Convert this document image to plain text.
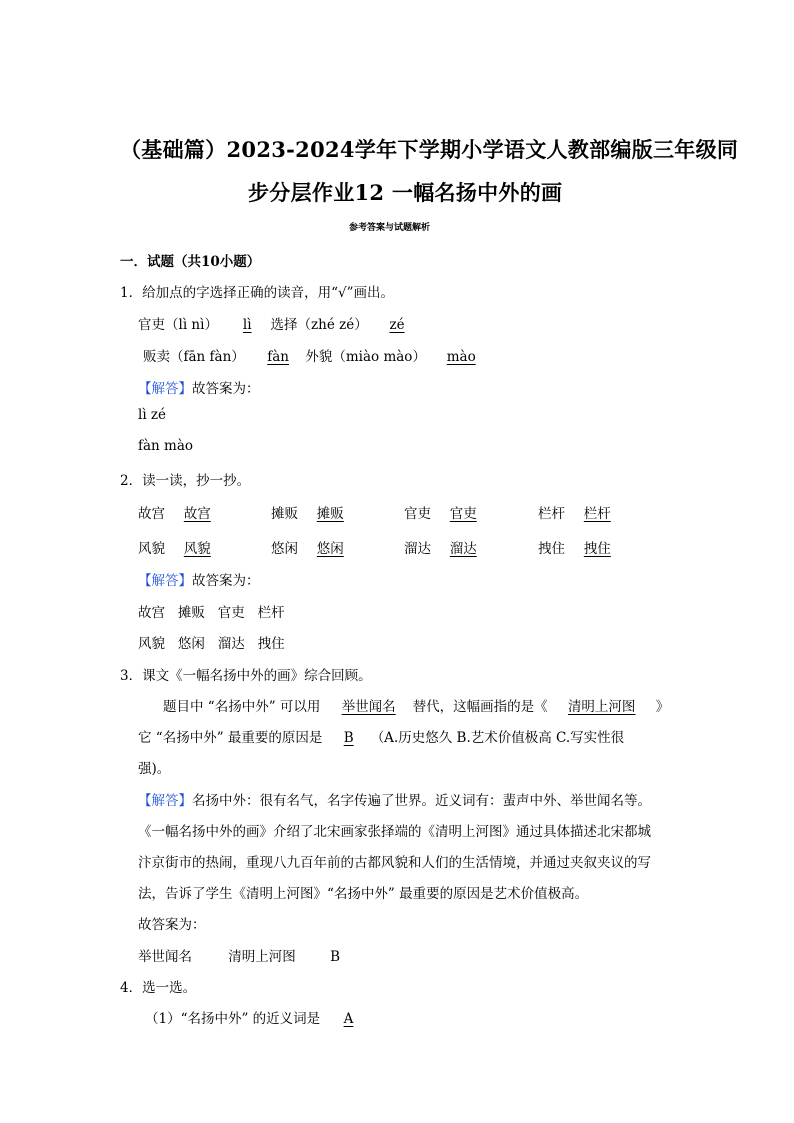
（基础篇）2023-2024学年下学期小学语文人教部编版三年级同
步分层作业12 一幅名扬中外的画
参考答案与试题解析
一．试题（共10小题）
1．给加点的字选择正确的读音，用“√”画出。
官吏（lì nì） lì 选择（zhé zé） zé
贩卖（fān fàn） fàn 外貌（miào mào） mào
【解答】故答案为：
lì zé
fàn mào
2．读一读，抄一抄。
故宫 故宫	摊贩 摊贩	官吏 官吏	栏杆 栏杆
风貌 风貌	悠闲 悠闲	溜达 溜达	拽住 拽住
【解答】故答案为：
故宫 摊贩 官吏 栏杆
风貌 悠闲 溜达 拽住
3．课文《一幅名扬中外的画》综合回顾。
题目中 “名扬中外” 可以用 举世闻名 替代，这幅画指的是《 清明上河图 》
它 “名扬中外” 最重要的原因是 B （A.历史悠久 B.艺术价值极高 C.写实性很
强)。
【解答】名扬中外：很有名气，名字传遍了世界。近义词有：蜚声中外、举世闻名等。
《一幅名扬中外的画》介绍了北宋画家张择端的《清明上河图》通过具体描述北宋都城
汴京街市的热闹，重现八九百年前的古都风貌和人们的生活情境，并通过夹叙夹议的写
法，告诉了学生《清明上河图》“名扬中外” 最重要的原因是艺术价值极高。
故答案为：
举世闻名	清明上河图	B
4．选一选。
（1）“名扬中外” 的近义词是 A
